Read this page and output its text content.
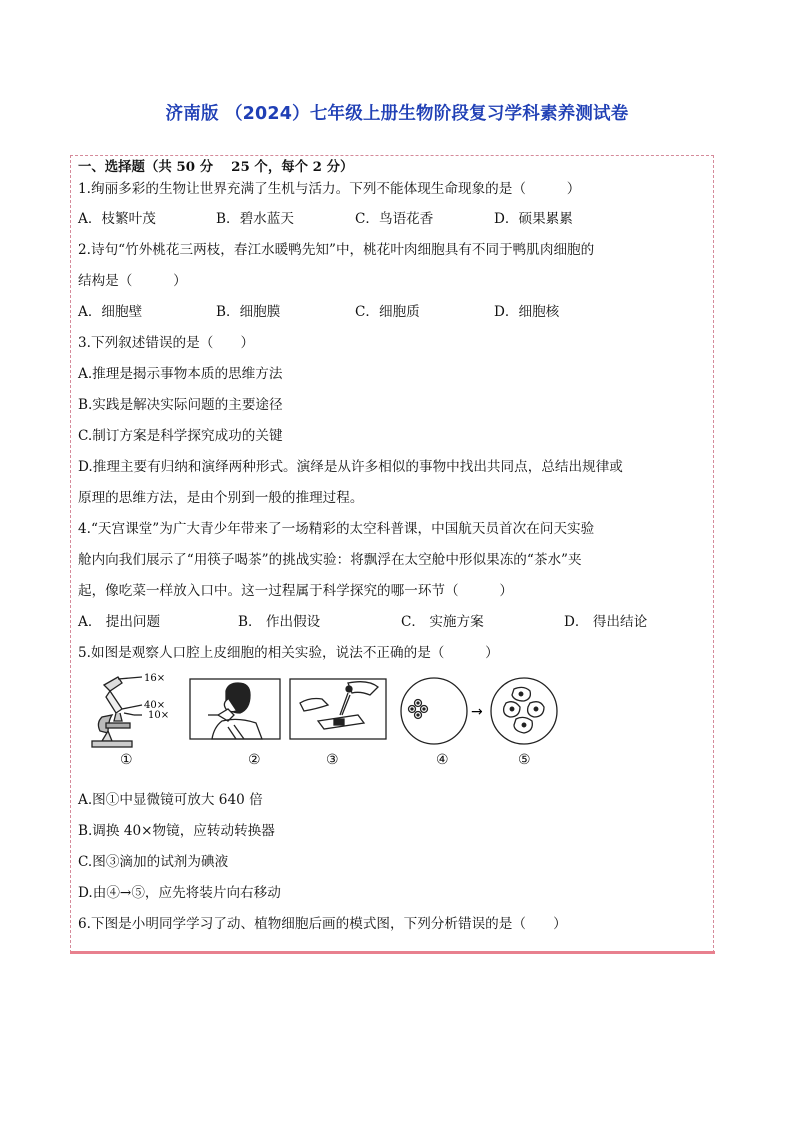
济南版 （2024）七年级上册生物阶段复习学科素养测试卷
一、选择题（共 50 分　 25 个，每个 2 分）
1.绚丽多彩的生物让世界充满了生机与活力。下列不能体现生命现象的是（　　　）
A．枝繁叶茂	B．碧水蓝天	C．鸟语花香	D．硕果累累
2.诗句“竹外桃花三两枝，春江水暖鸭先知”中，桃花叶肉细胞具有不同于鸭肌肉细胞的
结构是（　　　）
A．细胞壁	B．细胞膜	C．细胞质	D．细胞核
3.下列叙述错误的是（　　）
A.推理是揭示事物本质的思维方法
B.实践是解决实际问题的主要途径
C.制订方案是科学探究成功的关键
D.推理主要有归纳和演绎两种形式。演绎是从许多相似的事物中找出共同点，总结出规律或
原理的思维方法，是由个别到一般的推理过程。
4.“天宫课堂”为广大青少年带来了一场精彩的太空科普课，中国航天员首次在问天实验
舱内向我们展示了“用筷子喝茶”的挑战实验：将飘浮在太空舱中形似果冻的“茶水”夹
起，像吃菜一样放入口中。这一过程属于科学探究的哪一环节（　　　）
A． 提出问题	B． 作出假设	C． 实施方案	D． 得出结论
5.如图是观察人口腔上皮细胞的相关实验，说法不正确的是（　　　）
16×
40×
10×	→
①	②	③	④	⑤
A.图①中显微镜可放大 640 倍
B.调换 40×物镜，应转动转换器
C.图③滴加的试剂为碘液
D.由④→⑤，应先将装片向右移动
6.下图是小明同学学习了动、植物细胞后画的模式图，下列分析错误的是（　　）
